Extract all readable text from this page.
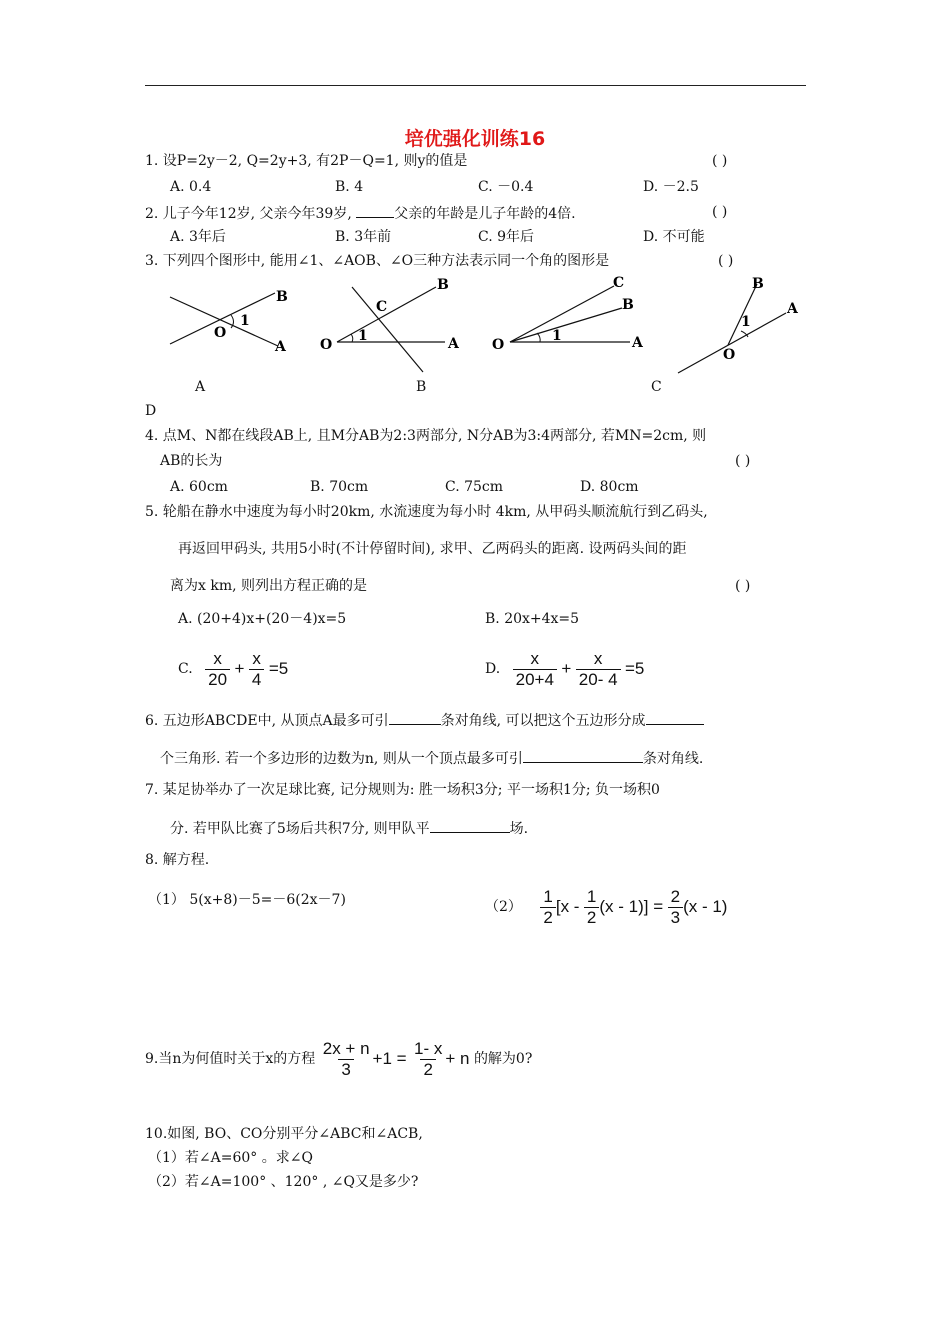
培优强化训练16
1. 设P=2y－2, Q=2y+3, 有2P－Q=1, 则y的值是	( )
A. 0.4	B. 4	C. －0.4	D. －2.5
2. 儿子今年12岁, 父亲今年39岁,	父亲的年龄是儿子年龄的4倍.	( )
A. 3年后	B. 3年前	C. 9年后	D. 不可能
3. 下列四个图形中, 能用∠1、∠AOB、∠O三种方法表示同一个角的图形是	( )
B
A
O
1
B
C
O	A
1
C
B
O	A
1
B
A
O
1
A	B	C
D
4. 点M、N都在线段AB上, 且M分AB为2:3两部分, N分AB为3:4两部分, 若MN=2cm, 则
AB的长为	( )
A. 60cm	B. 70cm	C. 75cm	D. 80cm
5. 轮船在静水中速度为每小时20km, 水流速度为每小时 4km, 从甲码头顺流航行到乙码头,
再返回甲码头, 共用5小时(不计停留时间), 求甲、乙两码头的距离. 设两码头间的距
离为x km, 则列出方程正确的是	( )
A. (20+4)x+(20－4)x=5	B. 20x+4x=5
C. $\frac{x}{20} + \frac{x}{4} =5$	D. $\frac{x}{20+4} + \frac{x}{20- 4} =5$
6. 五边形ABCDE中, 从顶点A最多可引	条对角线, 可以把这个五边形分成
个三角形. 若一个多边形的边数为n, 则从一个顶点最多可引	条对角线.
7. 某足协举办了一次足球比赛, 记分规则为: 胜一场积3分; 平一场积1分; 负一场积0
分. 若甲队比赛了5场后共积7分, 则甲队平	场.
8. 解方程.
（1） 5(x+8)－5=－6(2x－7)	$(2) \frac{1}{2} [x - \frac{1}{2} (x - 1)] = \frac{2}{3} (x - 1)$
9.当n为何值时关于x的方程 $\frac{2x + n}{3} +1 = \frac{1- x}{2} + n$ 的解为0?
10.如图, BO、CO分别平分∠ABC和∠ACB,
（1）若∠A=60° 。求∠Q
（2）若∠A=100° 、120° , ∠Q又是多少?
